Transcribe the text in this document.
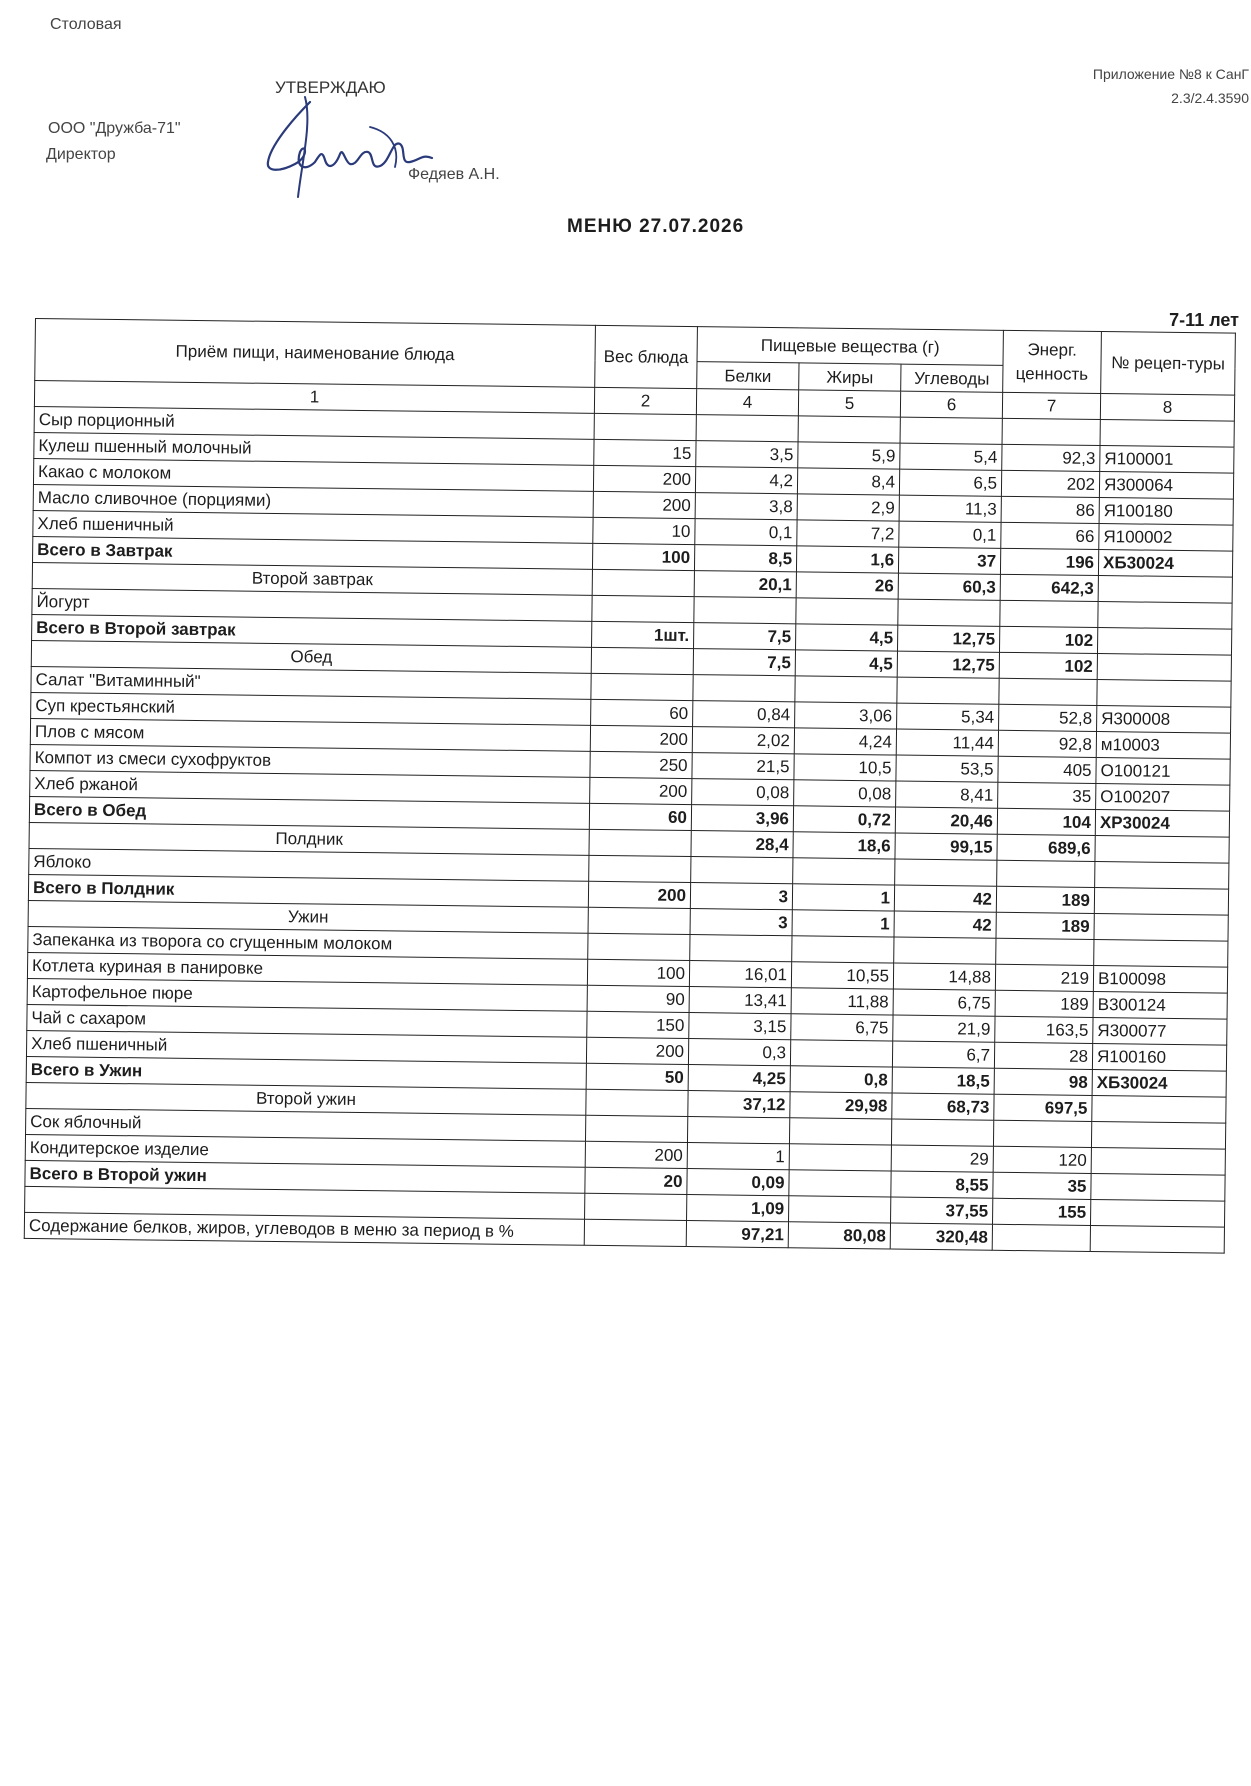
Столовая
УТВЕРЖДАЮ
ООО "Дружба-71"
Директор
Федяев А.Н.
Приложение №8 к СанГ
2.3/2.4.3590
МЕНЮ 27.07.2026
7-11 лет
Приём пищи, наименование блюда	Вес блюда	Пищевые вещества (г)			Энерг. ценность	№ рецеп-туры
		Белки	Жиры	Углеводы		
1	2	4	5	6	7	8
Сыр порционный						
Кулеш пшенный молочный	15	3,5	5,9	5,4	92,3	Я100001
Какао с молоком	200	4,2	8,4	6,5	202	Я300064
Масло сливочное (порциями)	200	3,8	2,9	11,3	86	Я100180
Хлеб пшеничный	10	0,1	7,2	0,1	66	Я100002
Всего в Завтрак	100	8,5	1,6	37	196	ХБ30024
Второй завтрак		20,1	26	60,3	642,3	
Йогурт						
Всего в Второй завтрак	1шт.	7,5	4,5	12,75	102	
Обед		7,5	4,5	12,75	102	
Салат "Витаминный"						
Суп крестьянский	60	0,84	3,06	5,34	52,8	Я300008
Плов с мясом	200	2,02	4,24	11,44	92,8	м10003
Компот из смеси сухофруктов	250	21,5	10,5	53,5	405	О100121
Хлеб ржаной	200	0,08	0,08	8,41	35	О100207
Всего в Обед	60	3,96	0,72	20,46	104	ХР30024
Полдник		28,4	18,6	99,15	689,6	
Яблоко						
Всего в Полдник	200	3	1	42	189	
Ужин		3	1	42	189	
Запеканка из творога со сгущенным молоком						
Котлета куриная в панировке	100	16,01	10,55	14,88	219	В100098
Картофельное пюре	90	13,41	11,88	6,75	189	В300124
Чай с сахаром	150	3,15	6,75	21,9	163,5	Я300077
Хлеб пшеничный	200	0,3		6,7	28	Я100160
Всего в Ужин	50	4,25	0,8	18,5	98	ХБ30024
Второй ужин		37,12	29,98	68,73	697,5	
Сок яблочный						
Кондитерское изделие	200	1		29	120	
Всего в Второй ужин	20	0,09		8,55	35	
		1,09		37,55	155	
Содержание белков, жиров, углеводов в меню за период в %		97,21	80,08	320,48		
